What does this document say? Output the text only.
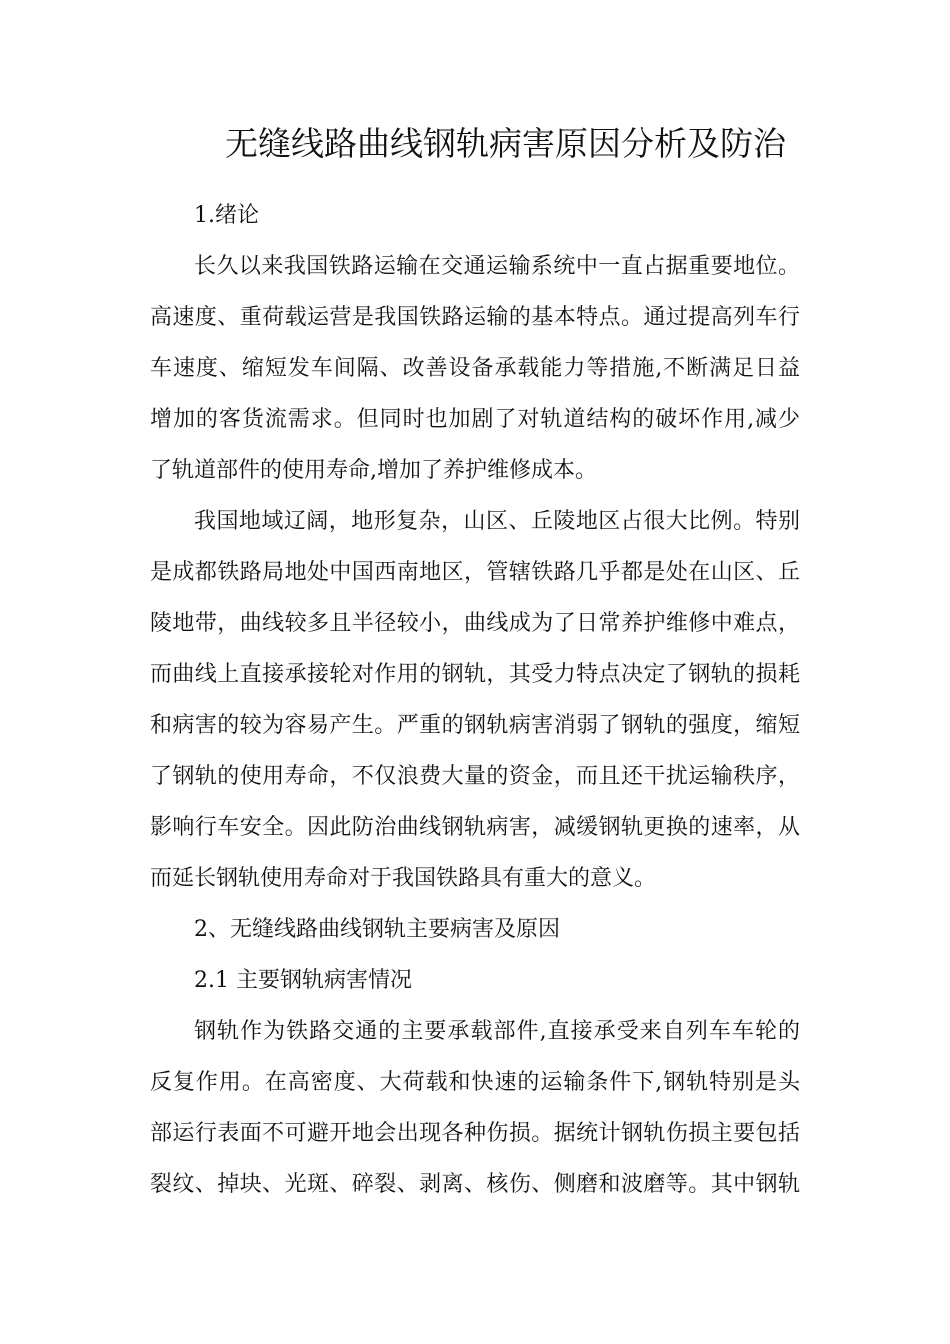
无缝线路曲线钢轨病害原因分析及防治
1.绪论
长久以来我国铁路运输在交通运输系统中一直占据重要地位。
高速度、重荷载运营是我国铁路运输的基本特点。通过提高列车行
车速度、缩短发车间隔、改善设备承载能力等措施,不断满足日益
增加的客货流需求。但同时也加剧了对轨道结构的破坏作用,减少
了轨道部件的使用寿命,增加了养护维修成本。
我国地域辽阔，地形复杂，山区、丘陵地区占很大比例。特别
是成都铁路局地处中国西南地区，管辖铁路几乎都是处在山区、丘
陵地带，曲线较多且半径较小，曲线成为了日常养护维修中难点，
而曲线上直接承接轮对作用的钢轨，其受力特点决定了钢轨的损耗
和病害的较为容易产生。严重的钢轨病害消弱了钢轨的强度，缩短
了钢轨的使用寿命，不仅浪费大量的资金，而且还干扰运输秩序，
影响行车安全。因此防治曲线钢轨病害，减缓钢轨更换的速率，从
而延长钢轨使用寿命对于我国铁路具有重大的意义。
2、无缝线路曲线钢轨主要病害及原因
2.1 主要钢轨病害情况
钢轨作为铁路交通的主要承载部件,直接承受来自列车车轮的
反复作用。在高密度、大荷载和快速的运输条件下,钢轨特别是头
部运行表面不可避开地会出现各种伤损。据统计钢轨伤损主要包括
裂纹、掉块、光斑、碎裂、剥离、核伤、侧磨和波磨等。其中钢轨
